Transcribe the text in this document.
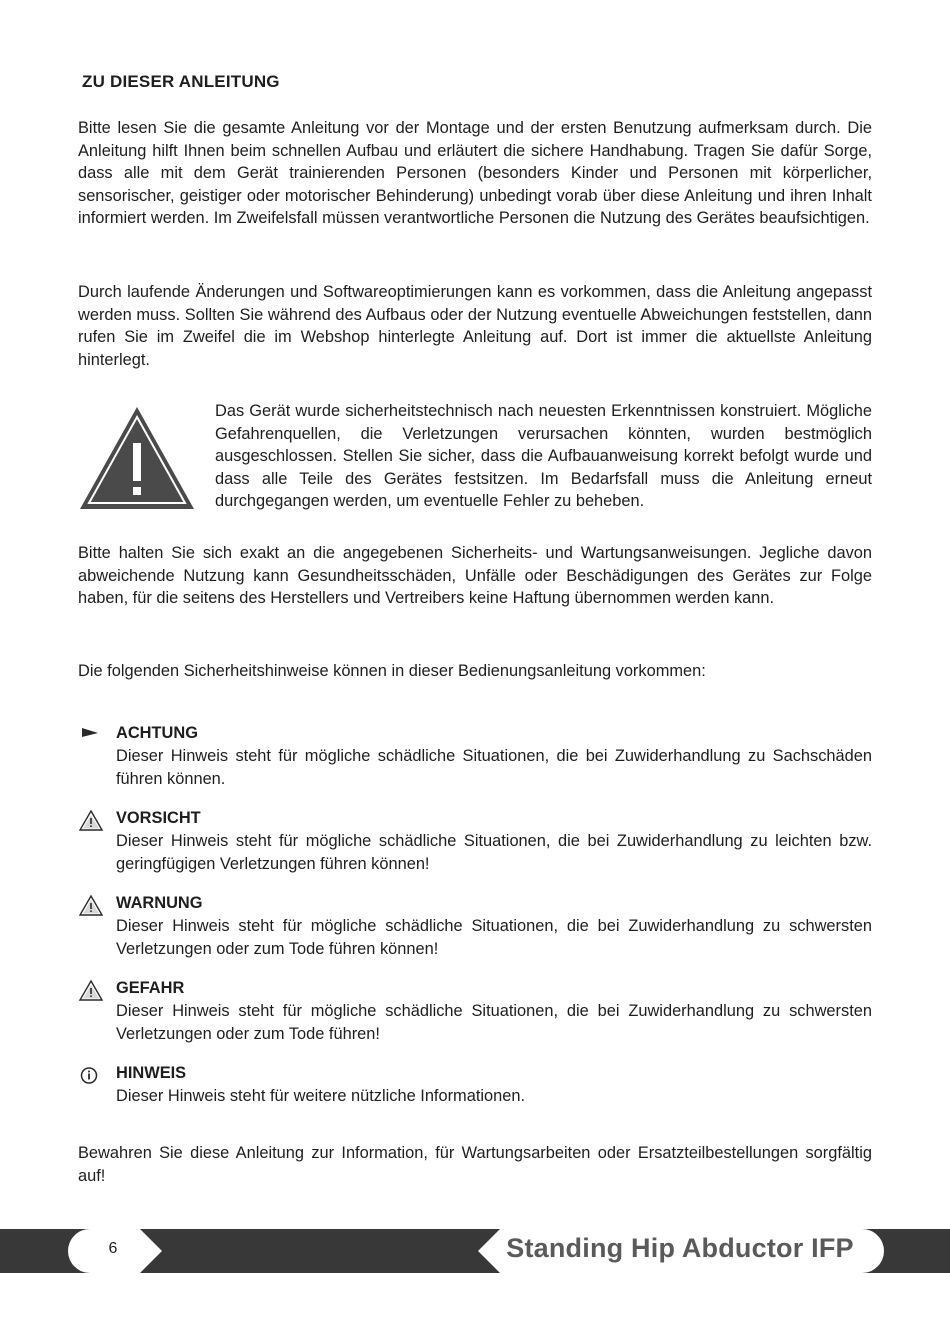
ZU DIESER ANLEITUNG

Bitte lesen Sie die gesamte Anleitung vor der Montage und der ersten Benutzung aufmerksam durch. Die Anleitung hilft Ihnen beim schnellen Aufbau und erläutert die sichere Handhabung. Tragen Sie dafür Sorge, dass alle mit dem Gerät trainierenden Personen (besonders Kinder und Personen mit körperlicher, sensorischer, geistiger oder motorischer Behinderung) unbedingt vorab über diese Anleitung und ihren Inhalt informiert werden. Im Zweifelsfall müssen verantwortliche Personen die Nutzung des Gerätes beaufsichtigen.

Durch laufende Änderungen und Softwareoptimierungen kann es vorkommen, dass die Anleitung angepasst werden muss. Sollten Sie während des Aufbaus oder der Nutzung eventuelle Abweichungen feststellen, dann rufen Sie im Zweifel die im Webshop hinterlegte Anleitung auf. Dort ist immer die aktuellste Anleitung hinterlegt.

Das Gerät wurde sicherheitstechnisch nach neuesten Erkenntnissen konstruiert. Mögliche Gefahrenquellen, die Verletzungen verursachen könnten, wurden bestmöglich ausgeschlossen. Stellen Sie sicher, dass die Aufbauanweisung korrekt befolgt wurde und dass alle Teile des Gerätes festsitzen. Im Bedarfsfall muss die Anleitung erneut durchgegangen werden, um eventuelle Fehler zu beheben.

Bitte halten Sie sich exakt an die angegebenen Sicherheits- und Wartungsanweisungen. Jegliche davon abweichende Nutzung kann Gesundheitsschäden, Unfälle oder Beschädigungen des Gerätes zur Folge haben, für die seitens des Herstellers und Vertreibers keine Haftung übernommen werden kann.

Die folgenden Sicherheitshinweise können in dieser Bedienungsanleitung vorkommen:

ACHTUNG

Dieser Hinweis steht für mögliche schädliche Situationen, die bei Zuwiderhandlung zu Sachschäden führen können.

VORSICHT

Dieser Hinweis steht für mögliche schädliche Situationen, die bei Zuwiderhandlung zu leichten bzw. geringfügigen Verletzungen führen können!

WARNUNG

Dieser Hinweis steht für mögliche schädliche Situationen, die bei Zuwiderhandlung zu schwersten Verletzungen oder zum Tode führen können!

GEFAHR

Dieser Hinweis steht für mögliche schädliche Situationen, die bei Zuwiderhandlung zu schwersten Verletzungen oder zum Tode führen!

HINWEIS

Dieser Hinweis steht für weitere nützliche Informationen.

Bewahren Sie diese Anleitung zur Information, für Wartungsarbeiten oder Ersatzteilbestellungen sorgfältig auf!

6	Standing Hip Abductor IFP
